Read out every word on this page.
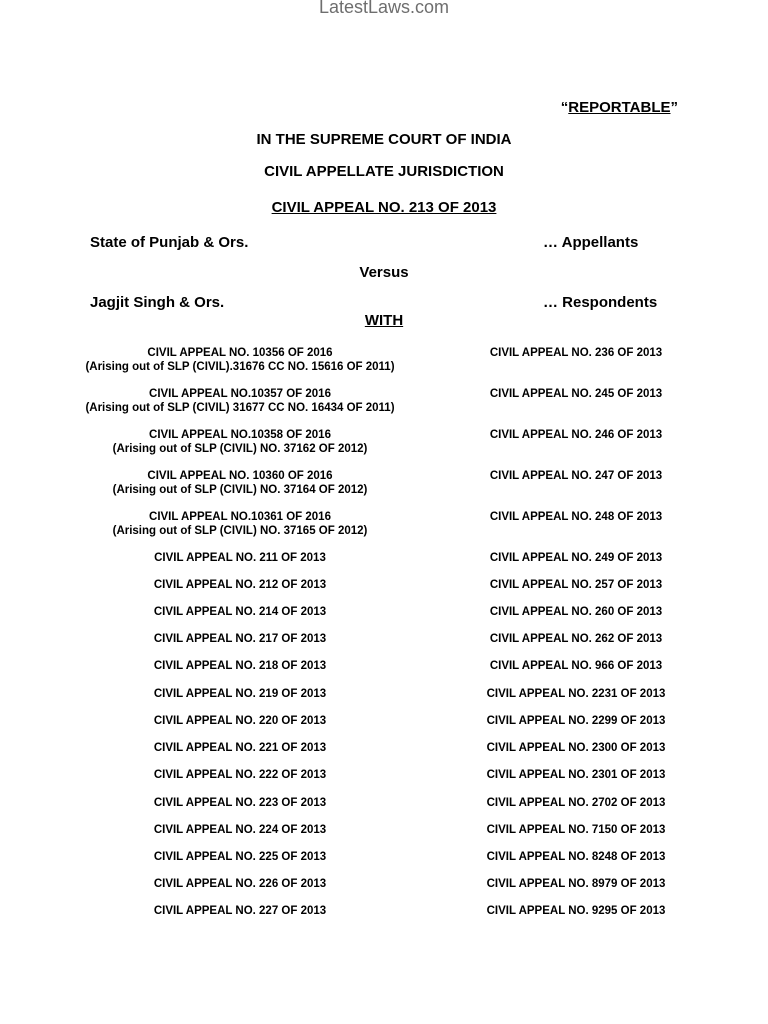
LatestLaws.com
“REPORTABLE”
IN THE SUPREME COURT OF INDIA
CIVIL APPELLATE JURISDICTION
CIVIL APPEAL NO. 213 OF 2013
State of Punjab & Ors.	… Appellants
Versus
Jagjit Singh & Ors.	… Respondents
WITH
CIVIL APPEAL NO. 10356 OF 2016
(Arising out of SLP (CIVIL).31676 CC NO. 15616 OF 2011)
CIVIL APPEAL NO.10357 OF 2016
(Arising out of SLP (CIVIL) 31677 CC NO. 16434 OF 2011)
CIVIL APPEAL NO.10358 OF 2016
(Arising out of SLP (CIVIL) NO. 37162 OF 2012)
CIVIL APPEAL NO. 10360 OF 2016
(Arising out of SLP (CIVIL) NO. 37164 OF 2012)
CIVIL APPEAL NO.10361 OF 2016
(Arising out of SLP (CIVIL) NO. 37165 OF 2012)
CIVIL APPEAL NO. 211 OF 2013
CIVIL APPEAL NO. 212 OF 2013
CIVIL APPEAL NO. 214 OF 2013
CIVIL APPEAL NO. 217 OF 2013
CIVIL APPEAL NO. 218 OF 2013
CIVIL APPEAL NO. 219 OF 2013
CIVIL APPEAL NO. 220 OF 2013
CIVIL APPEAL NO. 221 OF 2013
CIVIL APPEAL NO. 222 OF 2013
CIVIL APPEAL NO. 223 OF 2013
CIVIL APPEAL NO. 224 OF 2013
CIVIL APPEAL NO. 225 OF 2013
CIVIL APPEAL NO. 226 OF 2013
CIVIL APPEAL NO. 227 OF 2013
CIVIL APPEAL NO. 236 OF 2013
CIVIL APPEAL NO. 245 OF 2013
CIVIL APPEAL NO. 246 OF 2013
CIVIL APPEAL NO. 247 OF 2013
CIVIL APPEAL NO. 248 OF 2013
CIVIL APPEAL NO. 249 OF 2013
CIVIL APPEAL NO. 257 OF 2013
CIVIL APPEAL NO. 260 OF 2013
CIVIL APPEAL NO. 262 OF 2013
CIVIL APPEAL NO. 966 OF 2013
CIVIL APPEAL NO. 2231 OF 2013
CIVIL APPEAL NO. 2299 OF 2013
CIVIL APPEAL NO. 2300 OF 2013
CIVIL APPEAL NO. 2301 OF 2013
CIVIL APPEAL NO. 2702 OF 2013
CIVIL APPEAL NO. 7150 OF 2013
CIVIL APPEAL NO. 8248 OF 2013
CIVIL APPEAL NO. 8979 OF 2013
CIVIL APPEAL NO. 9295 OF 2013
